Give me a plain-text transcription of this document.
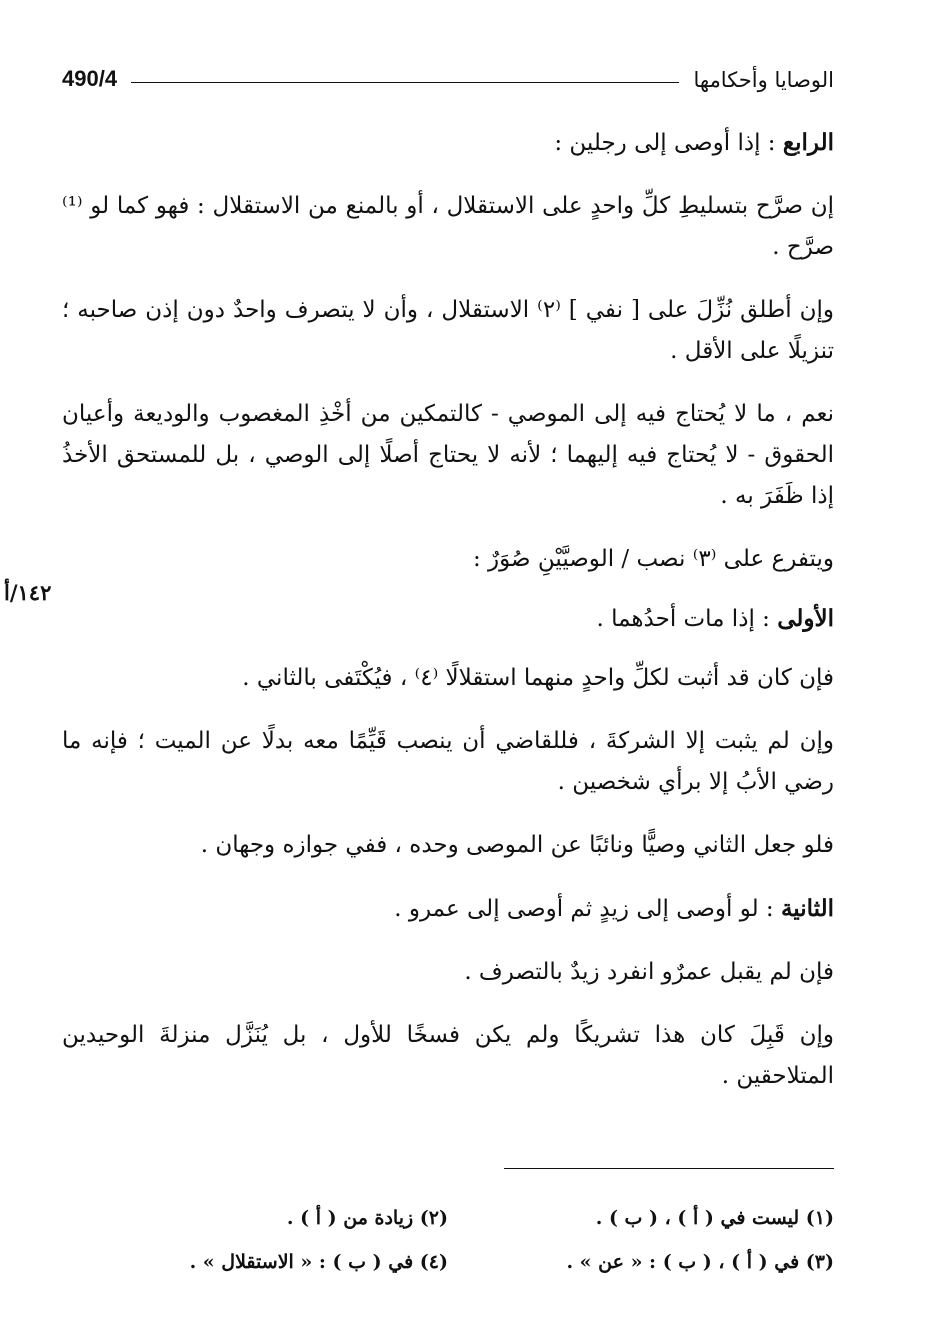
490/4	الوصايا وأحكامها
١٤٢/أ

الرابع : إذا أوصى إلى رجلين :

إن صرَّح بتسليطِ كلِّ واحدٍ على الاستقلال ، أو بالمنع من الاستقلال : فهو كما لو ⁽¹⁾ صرَّح .

وإن أطلق نُزِّلَ على [ نفي ] ⁽٢⁾ الاستقلال ، وأن لا يتصرف واحدٌ دون إذن صاحبه ؛ تنزيلًا على الأقل .

نعم ، ما لا يُحتاج فيه إلى الموصي - كالتمكين من أخْذِ المغصوب والوديعة وأعيان الحقوق - لا يُحتاج فيه إليهما ؛ لأنه لا يحتاج أصلًا إلى الوصي ، بل للمستحق الأخذُ إذا ظَفَرَ به .

ويتفرع على ⁽٣⁾ نصب / الوصيَّيْنِ صُوَرٌ :

الأولى : إذا مات أحدُهما .

فإن كان قد أثبت لكلِّ واحدٍ منهما استقلالًا ⁽٤⁾ ، فيُكْتَفى بالثاني .

وإن لم يثبت إلا الشركةَ ، فللقاضي أن ينصب قَيِّمًا معه بدلًا عن الميت ؛ فإنه ما رضي الأبُ إلا برأي شخصين .

فلو جعل الثاني وصيًّا ونائبًا عن الموصى وحده ، ففي جوازه وجهان .

الثانية : لو أوصى إلى زيدٍ ثم أوصى إلى عمرو .

فإن لم يقبل عمرٌو انفرد زيدٌ بالتصرف .

وإن قَبِلَ كان هذا تشريكًا ولم يكن فسخًا للأول ، بل يُنَزَّل منزلةَ الوحيدين المتلاحقين .

(١) ليست في ( أ ) ، ( ب ) .
(٢) زيادة من ( أ ) .
(٣) في ( أ ) ، ( ب ) : « عن » .
(٤) في ( ب ) : « الاستقلال » .
